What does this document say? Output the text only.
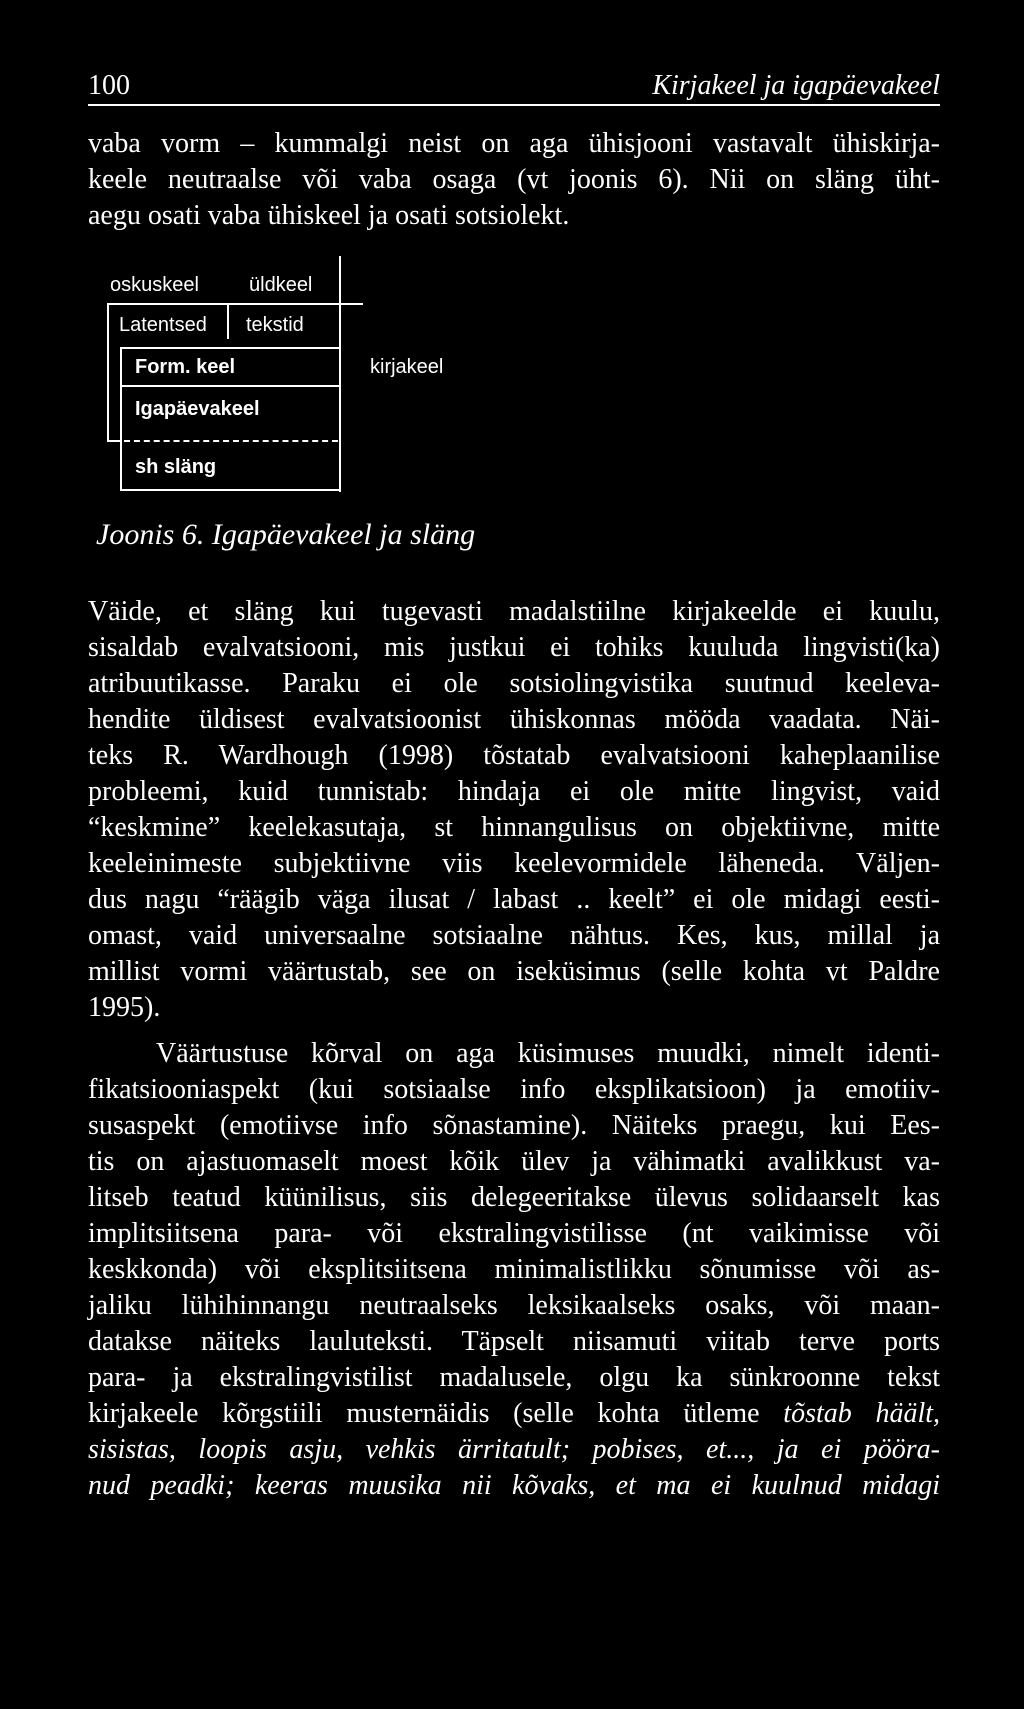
100	Kirjakeel ja igapäevakeel
vaba vorm – kummalgi neist on aga ühisjooni vastavalt ühiskirja-
keele neutraalse või vaba osaga (vt joonis 6). Nii on släng üht-
aegu osati vaba ühiskeel ja osati sotsiolekt.
oskuskeel	üldkeel
Latentsed tekstid
Form. keel	kirjakeel
Igapäevakeel
sh släng
Joonis 6. Igapäevakeel ja släng
Väide, et släng kui tugevasti madalstiilne kirjakeelde ei kuulu,
sisaldab evalvatsiooni, mis justkui ei tohiks kuuluda lingvisti(ka)
atribuutikasse. Paraku ei ole sotsiolingvistika suutnud keeleva-
hendite üldisest evalvatsioonist ühiskonnas mööda vaadata. Näi-
teks R. Wardhough (1998) tõstatab evalvatsiooni kaheplaanilise
probleemi, kuid tunnistab: hindaja ei ole mitte lingvist, vaid
“keskmine” keelekasutaja, st hinnangulisus on objektiivne, mitte
keeleinimeste subjektiivne viis keelevormidele läheneda. Väljen-
dus nagu “räägib väga ilusat / labast .. keelt” ei ole midagi eesti-
omast, vaid universaalne sotsiaalne nähtus. Kes, kus, millal ja
millist vormi väärtustab, see on iseküsimus (selle kohta vt Paldre
1995).
Väärtustuse kõrval on aga küsimuses muudki, nimelt identi-
fikatsiooniaspekt (kui sotsiaalse info eksplikatsioon) ja emotiiv-
susaspekt (emotiivse info sõnastamine). Näiteks praegu, kui Ees-
tis on ajastuomaselt moest kõik ülev ja vähimatki avalikkust va-
litseb teatud küünilisus, siis delegeeritakse ülevus solidaarselt kas
implitsiitsena para- või ekstralingvistilisse (nt vaikimisse või
keskkonda) või eksplitsiitsena minimalistlikku sõnumisse või as-
jaliku lühihinnangu neutraalseks leksikaalseks osaks, või maan-
datakse näiteks lauluteksti. Täpselt niisamuti viitab terve ports
para- ja ekstralingvistilist madalusele, olgu ka sünkroonne tekst
kirjakeele kõrgstiili musternäidis (selle kohta ütleme tõstab häält,
sisistas, loopis asju, vehkis ärritatult; pobises, et..., ja ei pööra-
nud peadki; keeras muusika nii kõvaks, et ma ei kuulnud midagi
